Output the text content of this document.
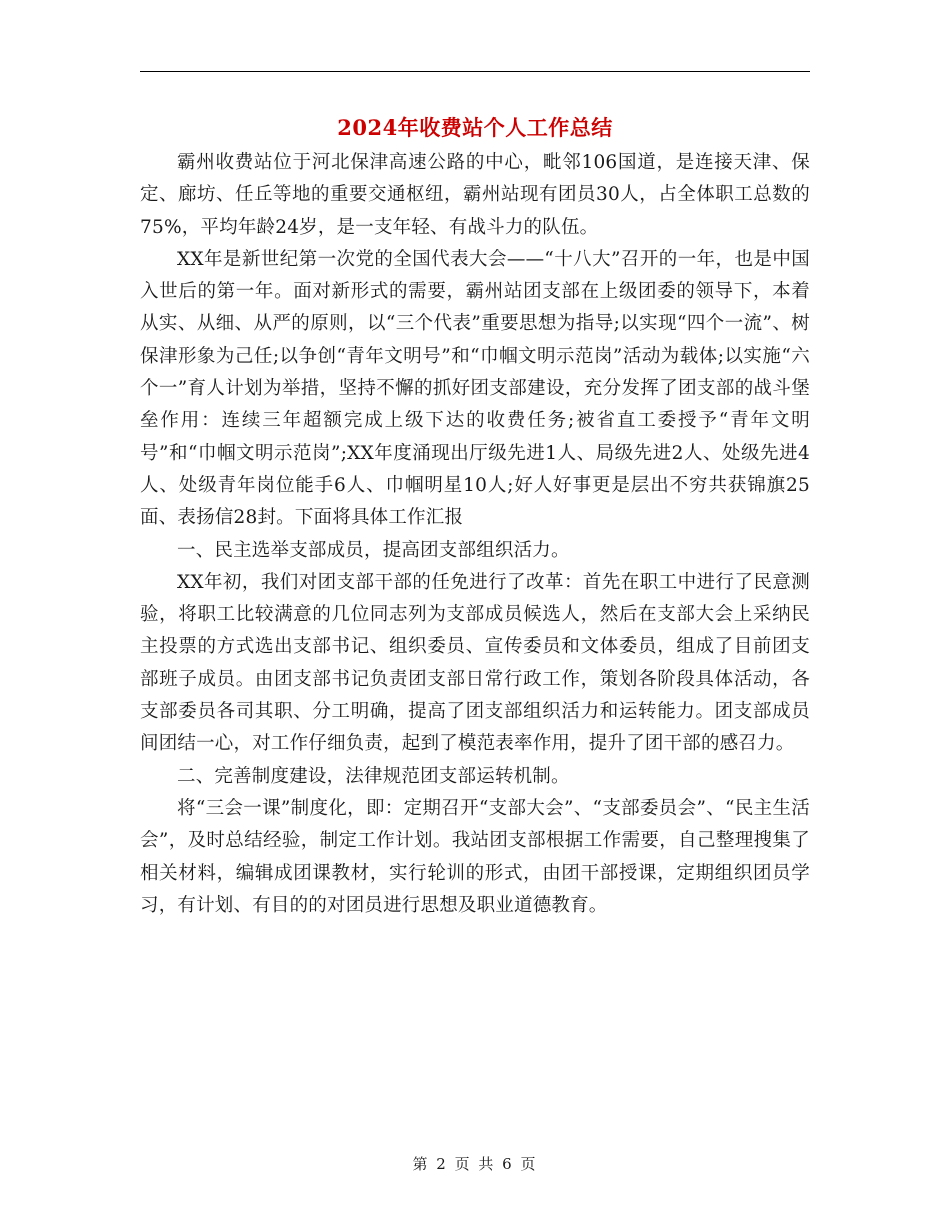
2024年收费站个人工作总结

霸州收费站位于河北保津高速公路的中心，毗邻106国道，是连接天津、保定、廊坊、任丘等地的重要交通枢纽，霸州站现有团员30人，占全体职工总数的75%，平均年龄24岁，是一支年轻、有战斗力的队伍。

XX年是新世纪第一次党的全国代表大会——“十八大”召开的一年，也是中国入世后的第一年。面对新形式的需要，霸州站团支部在上级团委的领导下，本着从实、从细、从严的原则，以“三个代表”重要思想为指导;以实现“四个一流”、树保津形象为己任;以争创“青年文明号”和“巾帼文明示范岗”活动为载体;以实施“六个一”育人计划为举措，坚持不懈的抓好团支部建设，充分发挥了团支部的战斗堡垒作用：连续三年超额完成上级下达的收费任务;被省直工委授予“青年文明号”和“巾帼文明示范岗”;XX年度涌现出厅级先进1人、局级先进2人、处级先进4人、处级青年岗位能手6人、巾帼明星10人;好人好事更是层出不穷共获锦旗25面、表扬信28封。下面将具体工作汇报

一、民主选举支部成员，提高团支部组织活力。

XX年初，我们对团支部干部的任免进行了改革：首先在职工中进行了民意测验，将职工比较满意的几位同志列为支部成员候选人，然后在支部大会上采纳民主投票的方式选出支部书记、组织委员、宣传委员和文体委员，组成了目前团支部班子成员。由团支部书记负责团支部日常行政工作，策划各阶段具体活动，各支部委员各司其职、分工明确，提高了团支部组织活力和运转能力。团支部成员间团结一心，对工作仔细负责，起到了模范表率作用，提升了团干部的感召力。

二、完善制度建设，法律规范团支部运转机制。

将“三会一课”制度化，即：定期召开“支部大会”、“支部委员会”、“民主生活会”，及时总结经验，制定工作计划。我站团支部根据工作需要，自己整理搜集了相关材料，编辑成团课教材，实行轮训的形式，由团干部授课，定期组织团员学习，有计划、有目的的对团员进行思想及职业道德教育。

第 2 页 共 6 页
